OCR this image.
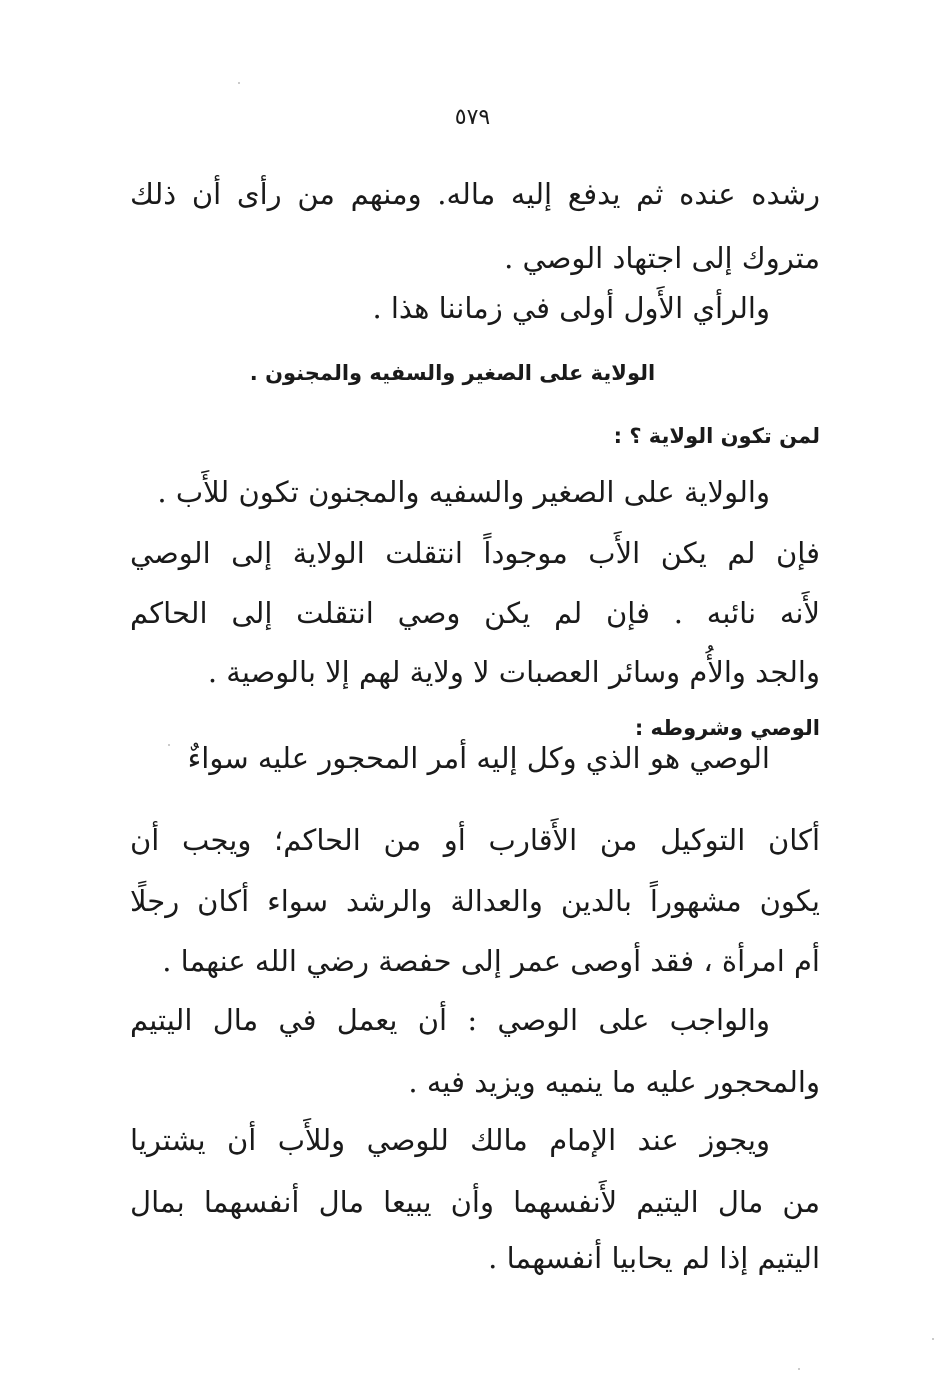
٥٧٩
رشده عنده ثم يدفع إليه ماله. ومنهم من رأى أن ذلك
متروك إلى اجتهاد الوصي .
والرأي الأَول أولى في زماننا هذا .
الولاية على الصغير والسفيه والمجنون .
لمن تكون الولاية ؟ :
والولاية على الصغير والسفيه والمجنون تكون للأَب .
فإن لم يكن الأَب موجوداً انتقلت الولاية إلى الوصي
لأَنه نائبه . فإن لم يكن وصي انتقلت إلى الحاكم
والجد والأُم وسائر العصبات لا ولاية لهم إلا بالوصية .
الوصي وشروطه :
الوصي هو الذي وكل إليه أمر المحجور عليه سواءٌ
أكان التوكيل من الأَقارب أو من الحاكم؛ ويجب أن
يكون مشهوراً بالدين والعدالة والرشد سواء أكان رجلًا
أم امرأة ، فقد أوصى عمر إلى حفصة رضي الله عنهما .
والواجب على الوصي : أن يعمل في مال اليتيم
والمحجور عليه ما ينميه ويزيد فيه .
ويجوز عند الإمام مالك للوصي وللأَب أن يشتريا
من مال اليتيم لأَنفسهما وأن يبيعا مال أنفسهما بمال
اليتيم إذا لم يحابيا أنفسهما .
